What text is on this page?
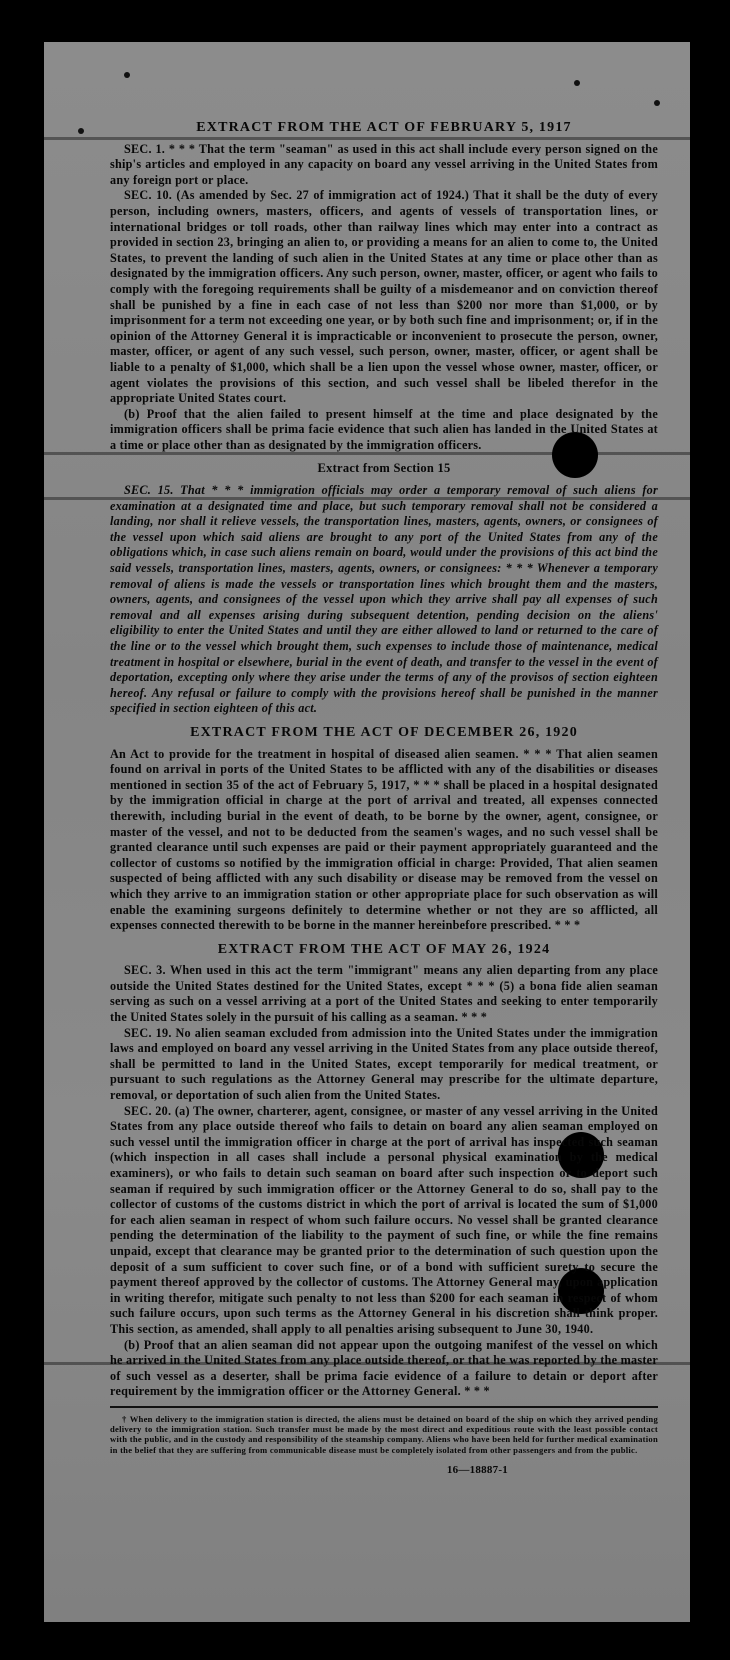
EXTRACT FROM THE ACT OF FEBRUARY 5, 1917

SEC. 1. * * * That the term "seaman" as used in this act shall include every person signed on the ship's articles and employed in any capacity on board any vessel arriving in the United States from any foreign port or place.

SEC. 10. (As amended by Sec. 27 of immigration act of 1924.) That it shall be the duty of every person, including owners, masters, officers, and agents of vessels of transportation lines, or international bridges or toll roads, other than railway lines which may enter into a contract as provided in section 23, bringing an alien to, or providing a means for an alien to come to, the United States, to prevent the landing of such alien in the United States at any time or place other than as designated by the immigration officers. Any such person, owner, master, officer, or agent who fails to comply with the foregoing requirements shall be guilty of a misdemeanor and on conviction thereof shall be punished by a fine in each case of not less than $200 nor more than $1,000, or by imprisonment for a term not exceeding one year, or by both such fine and imprisonment; or, if in the opinion of the Attorney General it is impracticable or inconvenient to prosecute the person, owner, master, officer, or agent of any such vessel, such person, owner, master, officer, or agent shall be liable to a penalty of $1,000, which shall be a lien upon the vessel whose owner, master, officer, or agent violates the provisions of this section, and such vessel shall be libeled therefor in the appropriate United States court.

(b) Proof that the alien failed to present himself at the time and place designated by the immigration officers shall be prima facie evidence that such alien has landed in the United States at a time or place other than as designated by the immigration officers.

Extract from Section 15

SEC. 15. That * * * immigration officials may order a temporary removal of such aliens for examination at a designated time and place, but such temporary removal shall not be considered a landing, nor shall it relieve vessels, the transportation lines, masters, agents, owners, or consignees of the vessel upon which said aliens are brought to any port of the United States from any of the obligations which, in case such aliens remain on board, would under the provisions of this act bind the said vessels, transportation lines, masters, agents, owners, or consignees: * * * Whenever a temporary removal of aliens is made the vessels or transportation lines which brought them and the masters, owners, agents, and consignees of the vessel upon which they arrive shall pay all expenses of such removal and all expenses arising during subsequent detention, pending decision on the aliens' eligibility to enter the United States and until they are either allowed to land or returned to the care of the line or to the vessel which brought them, such expenses to include those of maintenance, medical treatment in hospital or elsewhere, burial in the event of death, and transfer to the vessel in the event of deportation, excepting only where they arise under the terms of any of the provisos of section eighteen hereof. Any refusal or failure to comply with the provisions hereof shall be punished in the manner specified in section eighteen of this act.

EXTRACT FROM THE ACT OF DECEMBER 26, 1920

An Act to provide for the treatment in hospital of diseased alien seamen. * * * That alien seamen found on arrival in ports of the United States to be afflicted with any of the disabilities or diseases mentioned in section 35 of the act of February 5, 1917, * * * shall be placed in a hospital designated by the immigration official in charge at the port of arrival and treated, all expenses connected therewith, including burial in the event of death, to be borne by the owner, agent, consignee, or master of the vessel, and not to be deducted from the seamen's wages, and no such vessel shall be granted clearance until such expenses are paid or their payment appropriately guaranteed and the collector of customs so notified by the immigration official in charge: Provided, That alien seamen suspected of being afflicted with any such disability or disease may be removed from the vessel on which they arrive to an immigration station or other appropriate place for such observation as will enable the examining surgeons definitely to determine whether or not they are so afflicted, all expenses connected therewith to be borne in the manner hereinbefore prescribed. * * *

EXTRACT FROM THE ACT OF MAY 26, 1924

SEC. 3. When used in this act the term "immigrant" means any alien departing from any place outside the United States destined for the United States, except * * * (5) a bona fide alien seaman serving as such on a vessel arriving at a port of the United States and seeking to enter temporarily the United States solely in the pursuit of his calling as a seaman. * * *

SEC. 19. No alien seaman excluded from admission into the United States under the immigration laws and employed on board any vessel arriving in the United States from any place outside thereof, shall be permitted to land in the United States, except temporarily for medical treatment, or pursuant to such regulations as the Attorney General may prescribe for the ultimate departure, removal, or deportation of such alien from the United States.

SEC. 20. (a) The owner, charterer, agent, consignee, or master of any vessel arriving in the United States from any place outside thereof who fails to detain on board any alien seaman employed on such vessel until the immigration officer in charge at the port of arrival has inspected such seaman (which inspection in all cases shall include a personal physical examination by the medical examiners), or who fails to detain such seaman on board after such inspection or to deport such seaman if required by such immigration officer or the Attorney General to do so, shall pay to the collector of customs of the customs district in which the port of arrival is located the sum of $1,000 for each alien seaman in respect of whom such failure occurs. No vessel shall be granted clearance pending the determination of the liability to the payment of such fine, or while the fine remains unpaid, except that clearance may be granted prior to the determination of such question upon the deposit of a sum sufficient to cover such fine, or of a bond with sufficient surety to secure the payment thereof approved by the collector of customs. The Attorney General may, upon application in writing therefor, mitigate such penalty to not less than $200 for each seaman in respect of whom such failure occurs, upon such terms as the Attorney General in his discretion shall think proper. This section, as amended, shall apply to all penalties arising subsequent to June 30, 1940.

(b) Proof that an alien seaman did not appear upon the outgoing manifest of the vessel on which he arrived in the United States from any place outside thereof, or that he was reported by the master of such vessel as a deserter, shall be prima facie evidence of a failure to detain or deport after requirement by the immigration officer or the Attorney General. * * *

† When delivery to the immigration station is directed, the aliens must be detained on board of the ship on which they arrived pending delivery to the immigration station. Such transfer must be made by the most direct and expeditious route with the least possible contact with the public, and in the custody and responsibility of the steamship company. Aliens who have been held for further medical examination in the belief that they are suffering from communicable disease must be completely isolated from other passengers and from the public.

16—18887-1
